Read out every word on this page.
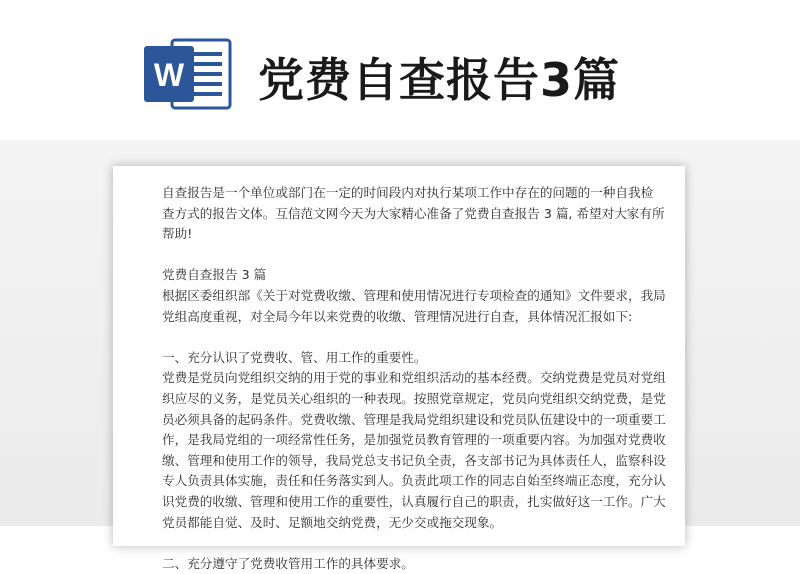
W 党费自查报告3篇

自查报告是一个单位或部门在一定的时间段内对执行某项工作中存在的问题的一种自我检

查方式的报告文体。互信范文网今天为大家精心准备了党费自查报告 3 篇, 希望对大家有所

帮助!

党费自查报告 3 篇

根据区委组织部《关于对党费收缴、管理和使用情况进行专项检查的通知》文件要求，我局

党组高度重视，对全局今年以来党费的收缴、管理情况进行自查，具体情况汇报如下:

一、充分认识了党费收、管、用工作的重要性。

党费是党员向党组织交纳的用于党的事业和党组织活动的基本经费。交纳党费是党员对党组

织应尽的义务，是党员关心组织的一种表现。按照党章规定，党员向党组织交纳党费，是党

员必须具备的起码条件。党费收缴、管理是我局党组织建设和党员队伍建设中的一项重要工

作，是我局党组的一项经常性任务，是加强党员教育管理的一项重要内容。为加强对党费收

缴、管理和使用工作的领导，我局党总支书记负全责，各支部书记为具体责任人，监察科设

专人负责具体实施，责任和任务落实到人。负责此项工作的同志自始至终端正态度，充分认

识党费的收缴、管理和使用工作的重要性，认真履行自己的职责，扎实做好这一工作。广大

党员都能自觉、及时、足额地交纳党费，无少交或拖交现象。

二、充分遵守了党费收管用工作的具体要求。
